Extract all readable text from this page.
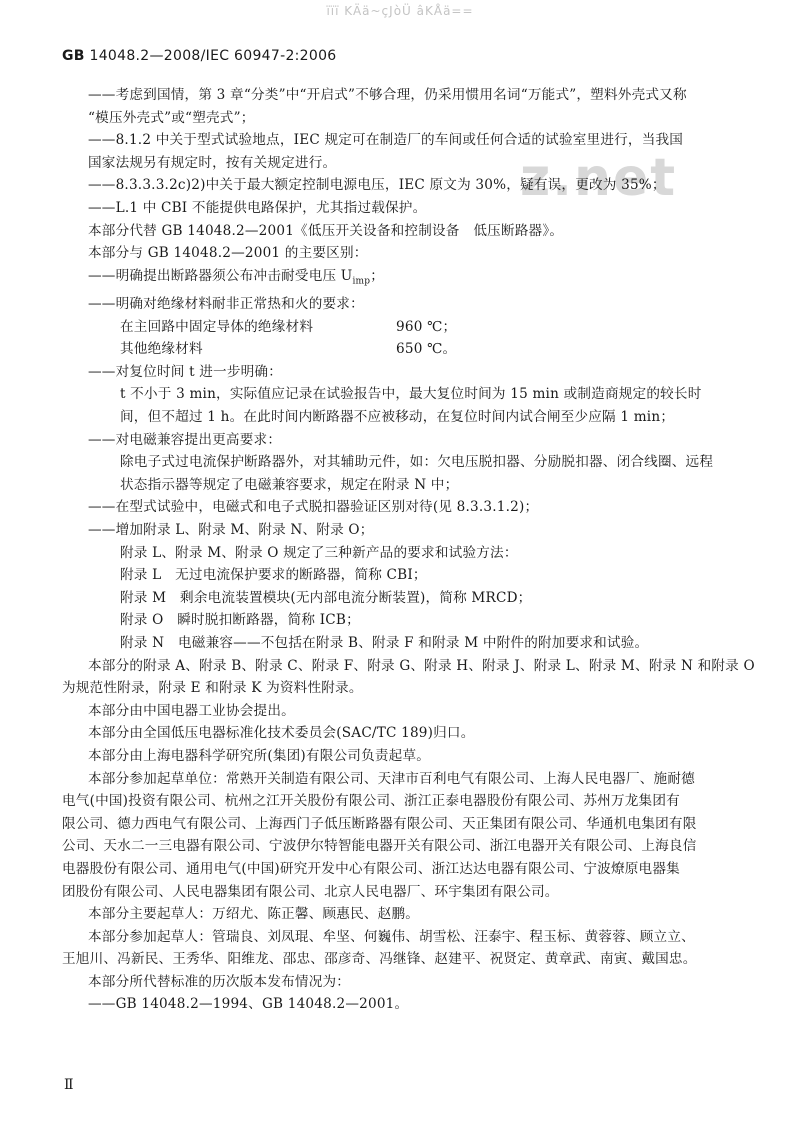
ïïï KÄä~çJòÜ âKÅä==
GB 14048.2—2008/IEC 60947-2:2006
z.net
——考虑到国情，第 3 章“分类”中“开启式”不够合理，仍采用惯用名词“万能式”，塑料外壳式又称
“模压外壳式”或“塑壳式”；
——8.1.2 中关于型式试验地点，IEC 规定可在制造厂的车间或任何合适的试验室里进行，当我国
国家法规另有规定时，按有关规定进行。
——8.3.3.3.2c)2)中关于最大额定控制电源电压，IEC 原文为 30%，疑有误，更改为 35%；
——L.1 中 CBI 不能提供电路保护，尤其指过载保护。
本部分代替 GB 14048.2—2001《低压开关设备和控制设备　低压断路器》。
本部分与 GB 14048.2—2001 的主要区别：
——明确提出断路器须公布冲击耐受电压 $U_{imp}$；
——明确对绝缘材料耐非正常热和火的要求：
在主回路中固定导体的绝缘材料	960 ℃；
其他绝缘材料	650 ℃。
——对复位时间 t 进一步明确：
t 不小于 3 min，实际值应记录在试验报告中，最大复位时间为 15 min 或制造商规定的较长时
间，但不超过 1 h。在此时间内断路器不应被移动，在复位时间内试合闸至少应隔 1 min；
——对电磁兼容提出更高要求：
除电子式过电流保护断路器外，对其辅助元件，如：欠电压脱扣器、分励脱扣器、闭合线圈、远程
状态指示器等规定了电磁兼容要求，规定在附录 N 中；
——在型式试验中，电磁式和电子式脱扣器验证区别对待(见 8.3.3.1.2)；
——增加附录 L、附录 M、附录 N、附录 O；
附录 L、附录 M、附录 O 规定了三种新产品的要求和试验方法：
附录 L　无过电流保护要求的断路器，简称 CBI；
附录 M　剩余电流装置模块(无内部电流分断装置)，简称 MRCD；
附录 O　瞬时脱扣断路器，简称 ICB；
附录 N　电磁兼容——不包括在附录 B、附录 F 和附录 M 中附件的附加要求和试验。
本部分的附录 A、附录 B、附录 C、附录 F、附录 G、附录 H、附录 J、附录 L、附录 M、附录 N 和附录 O
为规范性附录，附录 E 和附录 K 为资料性附录。
本部分由中国电器工业协会提出。
本部分由全国低压电器标准化技术委员会(SAC/TC 189)归口。
本部分由上海电器科学研究所(集团)有限公司负责起草。
本部分参加起草单位：常熟开关制造有限公司、天津市百利电气有限公司、上海人民电器厂、施耐德
电气(中国)投资有限公司、杭州之江开关股份有限公司、浙江正泰电器股份有限公司、苏州万龙集团有
限公司、德力西电气有限公司、上海西门子低压断路器有限公司、天正集团有限公司、华通机电集团有限
公司、天水二一三电器有限公司、宁波伊尔特智能电器开关有限公司、浙江电器开关有限公司、上海良信
电器股份有限公司、通用电气(中国)研究开发中心有限公司、浙江达达电器有限公司、宁波燎原电器集
团股份有限公司、人民电器集团有限公司、北京人民电器厂、环宇集团有限公司。
本部分主要起草人：万绍尤、陈正馨、顾惠民、赵鹏。
本部分参加起草人：管瑞良、刘凤琨、牟坚、何巍伟、胡雪松、汪泰宇、程玉标、黄蓉蓉、顾立立、
王旭川、冯新民、王秀华、阳维龙、邵忠、邵彦奇、冯继锋、赵建平、祝贤定、黄章武、南寅、戴国忠。
本部分所代替标准的历次版本发布情况为：
——GB 14048.2—1994、GB 14048.2—2001。
Ⅱ
